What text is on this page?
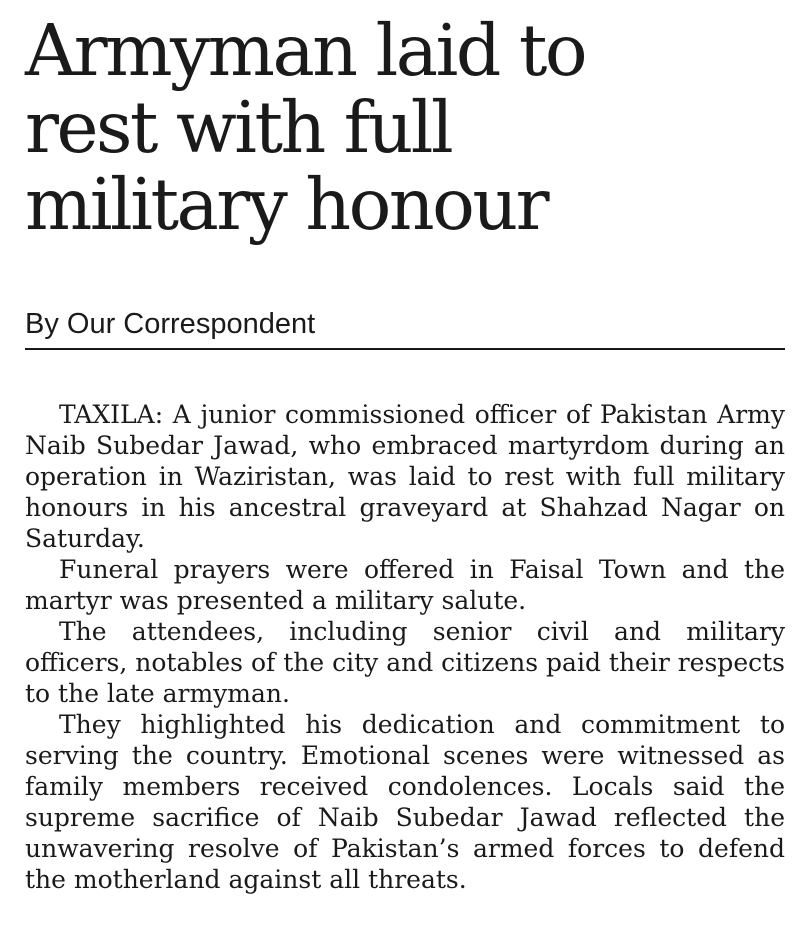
Armyman laid to rest with full military honour
By Our Correspondent

TAXILA: A junior commissioned officer of Pakistan Army Naib Subedar Jawad, who embraced martyrdom during an operation in Waziristan, was laid to rest with full military honours in his ancestral graveyard at Shahzad Nagar on Saturday.

Funeral prayers were offered in Faisal Town and the martyr was presented a military salute.

The attendees, including senior civil and military officers, notables of the city and citizens paid their respects to the late armyman.

They highlighted his dedication and commitment to serving the country. Emotional scenes were witnessed as family members received condolences. Locals said the supreme sacrifice of Naib Subedar Jawad reflected the unwavering resolve of Pakistan’s armed forces to defend the motherland against all threats.
